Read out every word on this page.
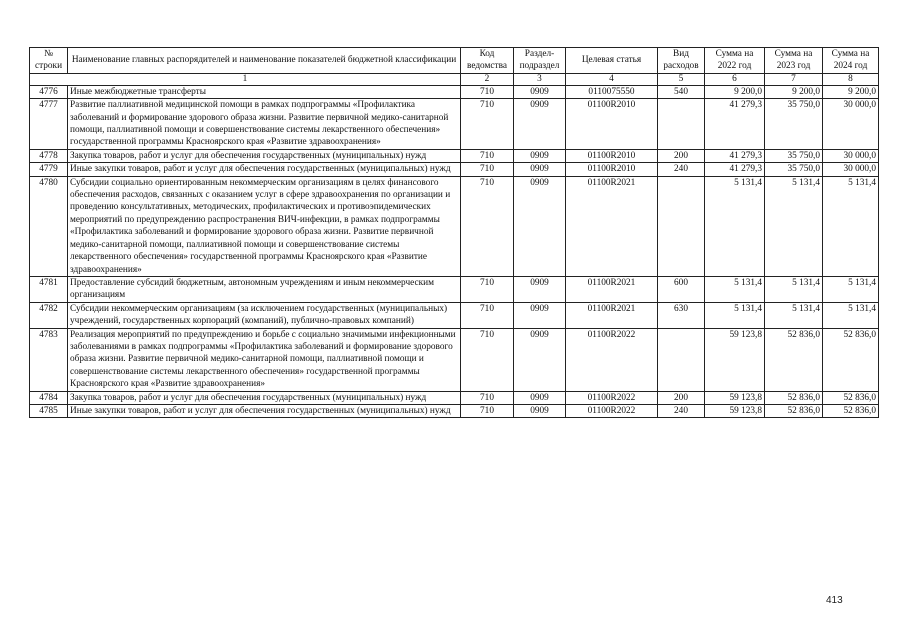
№ строки	Наименование главных распорядителей и наименование показателей бюджетной классификации	Код ведомства	Раздел-подраздел	Целевая статья	Вид расходов	Сумма на 2022 год	Сумма на 2023 год	Сумма на 2024 год
1		2	3	4	5	6	7	8
4776	Иные межбюджетные трансферты	710	0909	0110075550	540	9 200,0	9 200,0	9 200,0
4777	Развитие паллиативной медицинской помощи в рамках подпрограммы «Профилактика заболеваний и формирование здорового образа жизни. Развитие первичной медико-санитарной помощи, паллиативной помощи и совершенствование системы лекарственного обеспечения» государственной программы Красноярского края «Развитие здравоохранения»	710	0909	01100R2010		41 279,3	35 750,0	30 000,0
4778	Закупка товаров, работ и услуг для обеспечения государственных (муниципальных) нужд	710	0909	01100R2010	200	41 279,3	35 750,0	30 000,0
4779	Иные закупки товаров, работ и услуг для обеспечения государственных (муниципальных) нужд	710	0909	01100R2010	240	41 279,3	35 750,0	30 000,0
4780	Субсидии социально ориентированным некоммерческим организациям в целях финансового обеспечения расходов, связанных с оказанием услуг в сфере здравоохранения по организации и проведению консультативных, методических, профилактических и противоэпидемических мероприятий по предупреждению распространения ВИЧ-инфекции, в рамках подпрограммы «Профилактика заболеваний и формирование здорового образа жизни. Развитие первичной медико-санитарной помощи, паллиативной помощи и совершенствование системы лекарственного обеспечения» государственной программы Красноярского края «Развитие здравоохранения»	710	0909	01100R2021		5 131,4	5 131,4	5 131,4
4781	Предоставление субсидий бюджетным, автономным учреждениям и иным некоммерческим организациям	710	0909	01100R2021	600	5 131,4	5 131,4	5 131,4
4782	Субсидии некоммерческим организациям (за исключением государственных (муниципальных) учреждений, государственных корпораций (компаний), публично-правовых компаний)	710	0909	01100R2021	630	5 131,4	5 131,4	5 131,4
4783	Реализация мероприятий по предупреждению и борьбе с социально значимыми инфекционными заболеваниями в рамках подпрограммы «Профилактика заболеваний и формирование здорового образа жизни. Развитие первичной медико-санитарной помощи, паллиативной помощи и совершенствование системы лекарственного обеспечения» государственной программы Красноярского края «Развитие здравоохранения»	710	0909	01100R2022		59 123,8	52 836,0	52 836,0
4784	Закупка товаров, работ и услуг для обеспечения государственных (муниципальных) нужд	710	0909	01100R2022	200	59 123,8	52 836,0	52 836,0
4785	Иные закупки товаров, работ и услуг для обеспечения государственных (муниципальных) нужд	710	0909	01100R2022	240	59 123,8	52 836,0	52 836,0
413
